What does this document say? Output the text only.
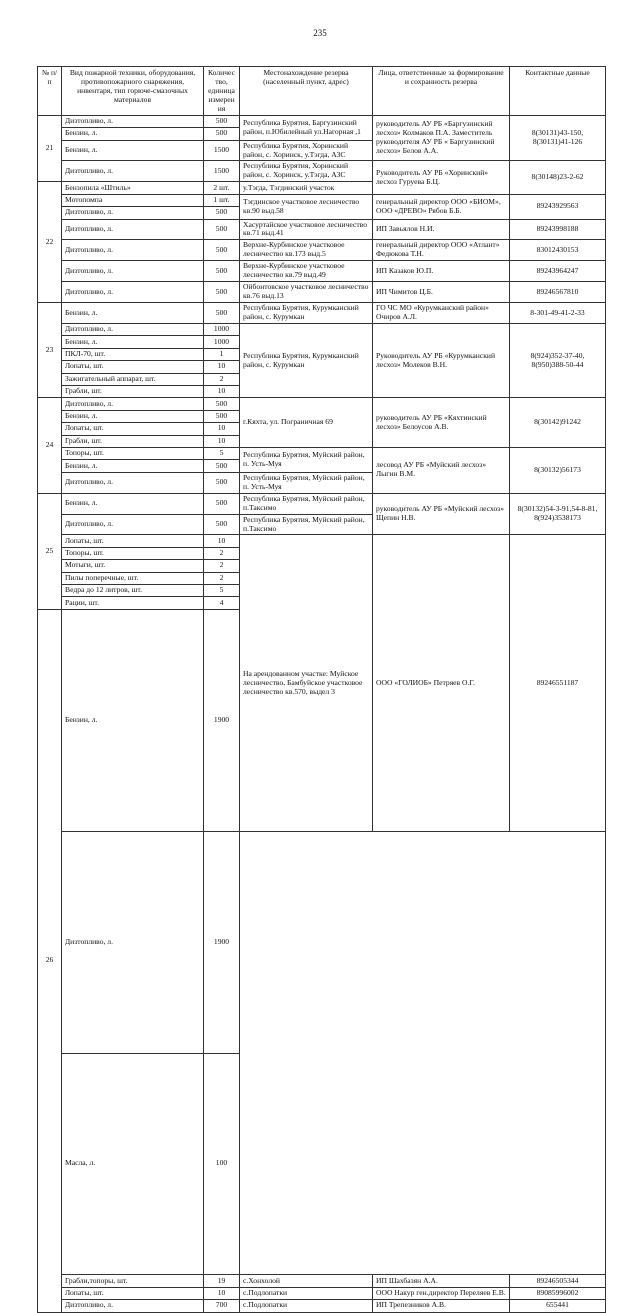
235
№ п/п	Вид пожарной техники, оборудования, противопожарного снаряжения, инвентаря, тип горюче-смазочных материалов	Количество, единица измерения	Местонахождение резерва (населенный пункт, адрес)	Лица, ответственные за формирование и сохранность резерва	Контактные данные	
21	Дизтопливо, л.	500	Республика Бурятия, Баргузинский район, п.Юбилейный ул.Нагорная ,1	руководитель АУ РБ «Баргузинский лесхоз» Колмаков П.А. Заместитель руководителя АУ РБ « Баргузинский лесхоз» Белов А.А.	8(30131)43-150, 8(30131)41-126	
	Бензин, л.	500				
	Бензин, л.	1500	Республика Бурятия, Хоринский район, с. Хоринск, у.Тэгда, АЗС			
	Дизтопливо, л.	1500	Республика Бурятия, Хоринский район, с. Хоринск, у.Тэгда, АЗС	Руководитель АУ РБ «Хоринский» лесхоз Гуруева Б.Ц.	8(30148)23-2-62	
22	Бензопила «Штиль»	2 шт.	у.Тэгда, Тэгдинский участок			
	Мотопомпа	1 шт.	Тэгдинское участковое лесничество кв.90 выд.58	генеральный директор ООО «БИОМ», ООО «ДРЕВО» Рябов Б.Б.	89243929563	
	Дизтопливо, л.	500				
	Дизтопливо, л.	500	Хасуртайское участковое лесничество кв.71 выд.41	ИП Завьялов Н.И.	89243998188	
	Дизтопливо, л.	500	Верхне-Курбинское участковое лесничество кв.173 выд.5	генеральный директор ООО «Атлант» Федюкова Т.Н.	83012430153	
	Дизтопливо, л.	500	Верхне-Курбинское участковое лесничество кв.79 выд.49	ИП Казаков Ю.П.	89243964247	
	Дизтопливо, л.	500	Ойбонтовское участковое лесничество кв.76 выд.13	ИП Чимитов Ц.Б.	89246567810	
23	Бензин, л.	500	Республика Бурятия, Курумканский район, с. Курумкан	ГО ЧС МО «Курумканский район» Очиров А.Л.	8-301-49-41-2-33	
	Дизтопливо, л.	1000	Республика Бурятия, Курумканский район, с. Курумкан	Руководитель АУ РБ «Курумканский лесхоз» Молеков В.Н.	8(924)352-37-40, 8(950)388-50-44	
	Бензин, л.	1000				
	ПКЛ-70, шт.	1				
	Лопаты, шт.	10				
	Зажигательный аппарат, шт.	2				
	Грабли, шт.	10				
24	Дизтопливо, л.	500	г.Кяхта, ул. Пограничная 69	руководитель АУ РБ «Кяхтинский лесхоз» Белоусов А.В.	8(30142)91242	
	Бензин, л.	500				
	Лопаты, шт.	10				
	Грабли, шт.	10				
	Топоры, шт.	5	Республика Бурятия, Муйский район, п. Усть-Муя	лесовод АУ РБ «Муйский лесхоз» Лыгин В.М.	8(30132)56173	
	Бензин, л.	500				
	Дизтопливо, л.	500	Республика Бурятия, Муйский район, п. Усть-Муя			
25	Бензин, л.	500	Республика Бурятия, Муйский район, п.Таксимо	руководитель АУ РБ «Муйский лесхоз» Щепин Н.В.	8(30132)54-3-91,54-8-81, 8(924)3538173	
	Дизтопливо, л.	500	Республика Бурятия, Муйский район, п.Таксимо			
	Лопаты, шт.	10	На арендованном участке: Муйское лесничество, Бамбуйское участковое лесничество кв.570, выдел 3	ООО «ГОЛИОБ» Петряев О.Г.	89246551187	
	Топоры, шт.	2				
	Мотыги, шт.	2				
	Пилы поперечные, шт.	2				
	Ведра до 12 литров, шт.	5				
	Рации, шт.	4				
26	Бензин, л.	1900			
	Дизтопливо, л.	1900				
	Масла, л.	100				
	Грабли,топоры, шт.	19	с.Хонхолой	ИП Шахбазян А.А.	89246505344	
	Лопаты, шт.	10	с.Подлопатки	ООО Накур ген.директор Переляев Е.В.	89085996002	
	Дизтопливо, л.	700	с.Подлопатки	ИП Трепезников А.В.	655441	
